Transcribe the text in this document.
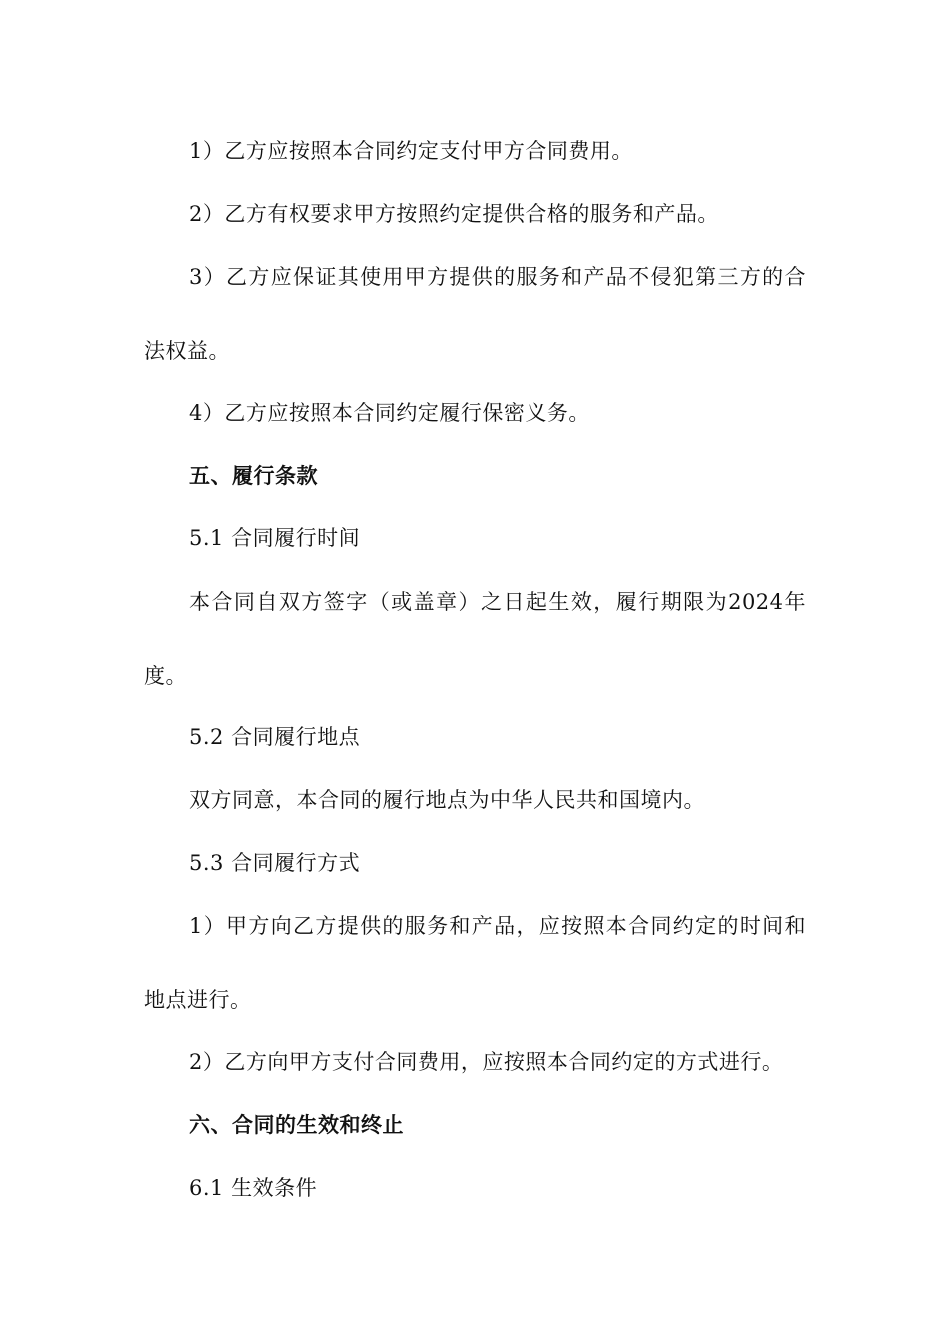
1）乙方应按照本合同约定支付甲方合同费用。
2）乙方有权要求甲方按照约定提供合格的服务和产品。
3）乙方应保证其使用甲方提供的服务和产品不侵犯第三方的合
法权益。
4）乙方应按照本合同约定履行保密义务。
五、履行条款
5.1 合同履行时间
本合同自双方签字（或盖章）之日起生效，履行期限为2024年
度。
5.2 合同履行地点
双方同意，本合同的履行地点为中华人民共和国境内。
5.3 合同履行方式
1）甲方向乙方提供的服务和产品，应按照本合同约定的时间和
地点进行。
2）乙方向甲方支付合同费用，应按照本合同约定的方式进行。
六、合同的生效和终止
6.1 生效条件
